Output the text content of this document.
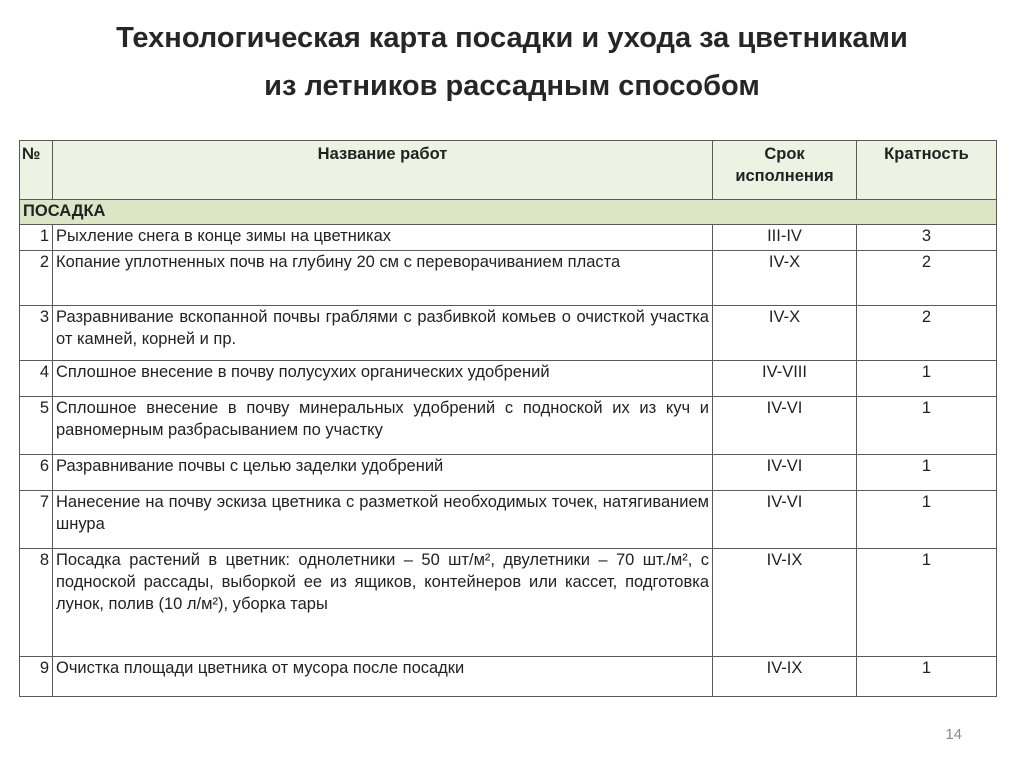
Технологическая карта посадки и ухода за цветниками
из летников рассадным способом
№	Название работ	Срок исполнения	Кратность
ПОСАДКА			
1	Рыхление снега в конце зимы на цветниках	III-IV	3
2	Копание уплотненных почв на глубину 20 см с переворачиванием пласта	IV-X	2
3	Разравнивание вскопанной почвы граблями с разбивкой комьев о очисткой участка от камней, корней и пр.	IV-X	2
4	Сплошное внесение в почву полусухих органических удобрений	IV-VIII	1
5	Сплошное внесение в почву минеральных удобрений с подноской их из куч и равномерным разбрасыванием по участку	IV-VI	1
6	Разравнивание почвы с целью заделки удобрений	IV-VI	1
7	Нанесение на почву эскиза цветника с разметкой необходимых точек, натягиванием шнура	IV-VI	1
8	Посадка растений в цветник: однолетники – 50 шт/м², двулетники – 70 шт./м², с подноской рассады, выборкой ее из ящиков, контейнеров или кассет, подготовка лунок, полив (10 л/м²), уборка тары	IV-IX	1
9	Очистка площади цветника от мусора после посадки	IV-IX	1
14
